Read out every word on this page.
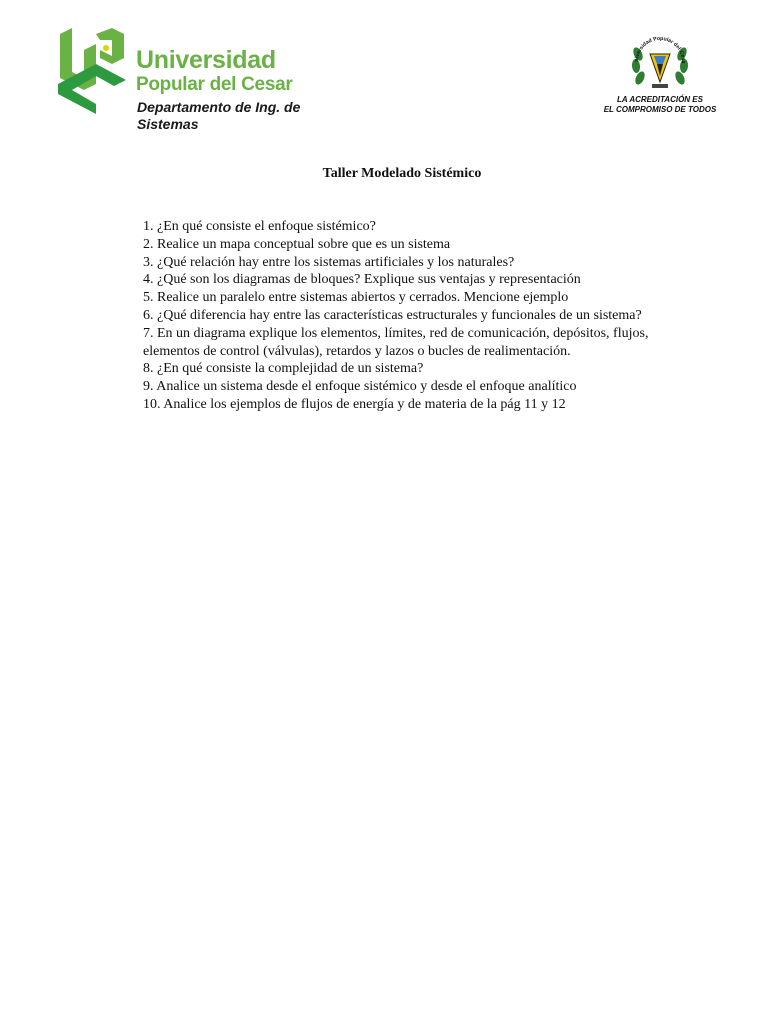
Universidad
Popular del Cesar
Departamento de Ing. de Sistemas
niversidad Popular del Cesa
LA ACREDITACIÓN ES
EL COMPROMISO DE TODOS
Taller Modelado Sistémico
1. ¿En qué consiste el enfoque sistémico?
2. Realice un mapa conceptual sobre que es un sistema
3. ¿Qué relación hay entre los sistemas artificiales y los naturales?
4. ¿Qué son los diagramas de bloques? Explique sus ventajas y representación
5. Realice un paralelo entre sistemas abiertos y cerrados. Mencione ejemplo
6. ¿Qué diferencia hay entre las características estructurales y funcionales de un sistema?
7. En un diagrama explique los elementos, límites, red de comunicación, depósitos, flujos, elementos de control (válvulas), retardos y lazos o bucles de realimentación.
8. ¿En qué consiste la complejidad de un sistema?
9. Analice un sistema desde el enfoque sistémico y desde el enfoque analítico
10. Analice los ejemplos de flujos de energía y de materia de la pág 11 y 12
